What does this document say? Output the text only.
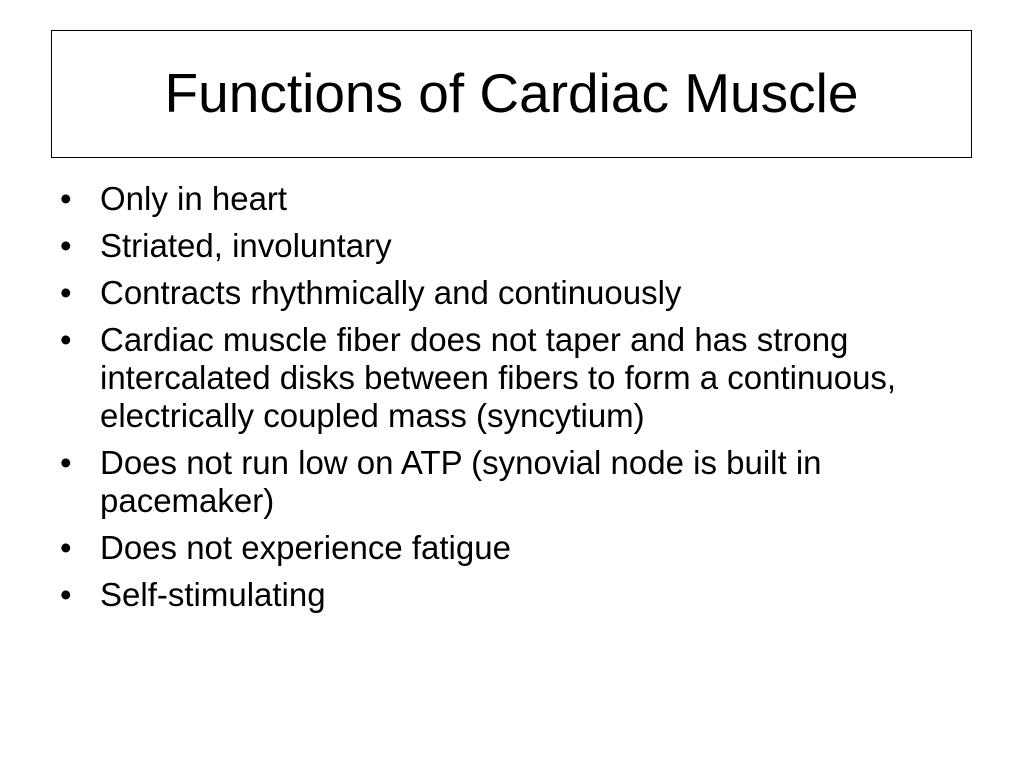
Functions of Cardiac Muscle
• Only in heart
• Striated, involuntary
• Contracts rhythmically and continuously
• Cardiac muscle fiber does not taper and has strong intercalated disks between fibers to form a continuous, electrically coupled mass (syncytium)
• Does not run low on ATP (synovial node is built in pacemaker)
• Does not experience fatigue
• Self-stimulating
